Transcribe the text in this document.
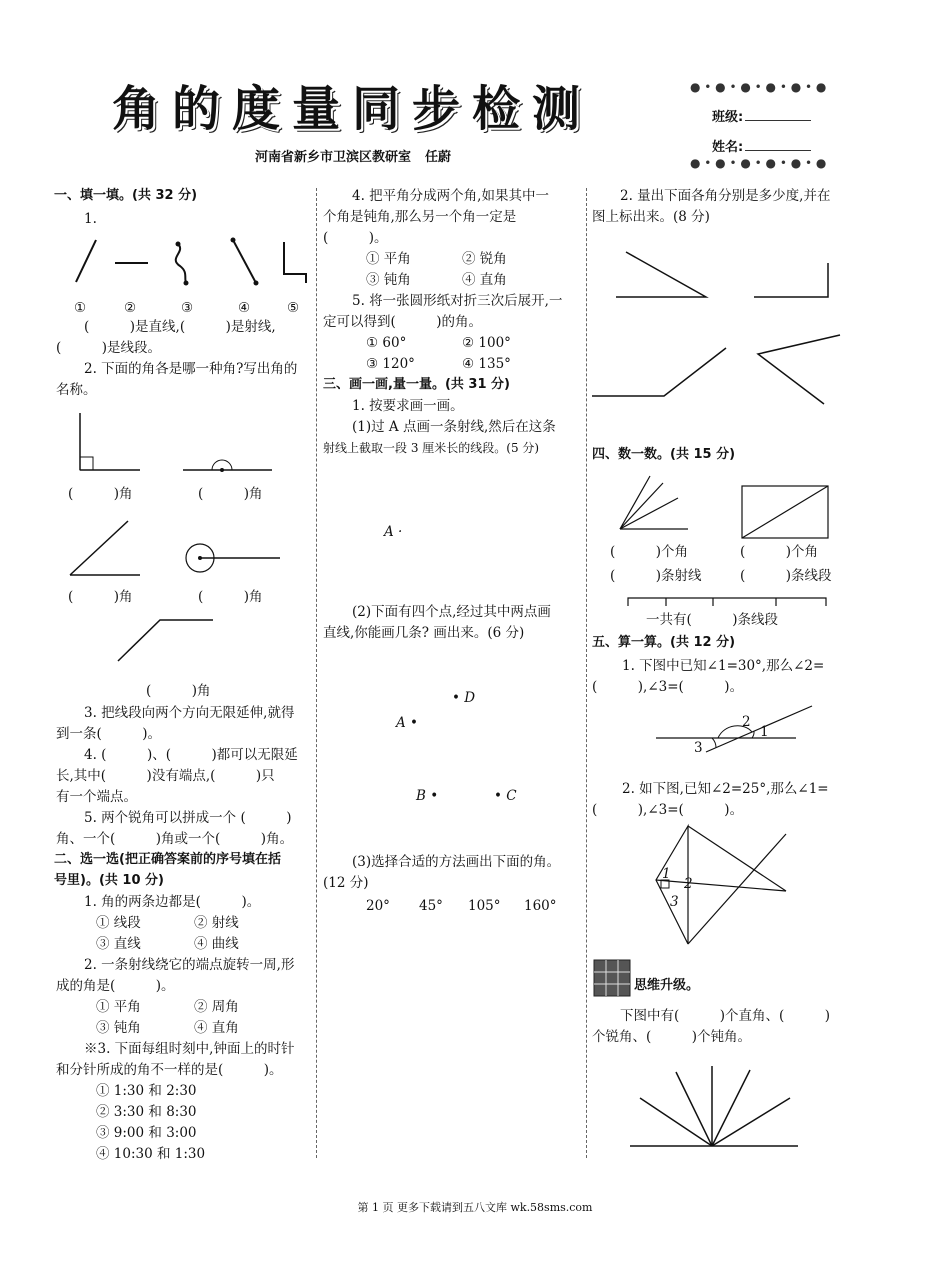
角的度量同步检测
河南省新乡市卫滨区教研室 任蔚
● • ● • ● • ● • ● • ●
● • ● • ● • ● • ● • ●
班级:
姓名:
一、填一填。(共 32 分)
1.
①	②	③	④	⑤
(　　　)是直线,(　　　)是射线,
(　　　)是线段。
2. 下面的角各是哪一种角?写出角的
名称。
(　　　)角	(　　　)角
(　　　)角	(　　　)角
(　　　)角
3. 把线段向两个方向无限延伸,就得
到一条(　　　)。
4. (　　　)、(　　　)都可以无限延
长,其中(　　　)没有端点,(　　　)只
有一个端点。
5. 两个锐角可以拼成一个 (　　　)
角、一个(　　　)角或一个(　　　)角。
二、选一选(把正确答案前的序号填在括
号里)。(共 10 分)
1. 角的两条边都是(　　　)。
① 线段	② 射线
③ 直线	④ 曲线
2. 一条射线绕它的端点旋转一周,形
成的角是(　　　)。
① 平角	② 周角
③ 钝角	④ 直角
※3. 下面每组时刻中,钟面上的时针
和分针所成的角不一样的是(　　　)。
① 1:30 和 2:30
② 3:30 和 8:30
③ 9:00 和 3:00
④ 10:30 和 1:30
4. 把平角分成两个角,如果其中一
个角是钝角,那么另一个角一定是
(　　　)。
① 平角	② 锐角
③ 钝角	④ 直角
5. 将一张圆形纸对折三次后展开,一
定可以得到(　　　)的角。
① 60°	② 100°
③ 120°	④ 135°
三、画一画,量一量。(共 31 分)
1. 按要求画一画。
(1)过 A 点画一条射线,然后在这条
射线上截取一段 3 厘米长的线段。(5 分)
A ·
(2)下面有四个点,经过其中两点画
直线,你能画几条? 画出来。(6 分)
• D
A •
B •	• C
(3)选择合适的方法画出下面的角。
(12 分)
20° 45° 105° 160°
2. 量出下面各角分别是多少度,并在
图上标出来。(8 分)
四、数一数。(共 15 分)
(　　　)个角	(　　　)个角
(　　　)条射线	(　　　)条线段
一共有(　　　)条线段
五、算一算。(共 12 分)
1. 下图中已知∠1=30°,那么∠2=
(　　　),∠3=(　　　)。
2
1
3
2. 如下图,已知∠2=25°,那么∠1=
(　　　),∠3=(　　　)。
1
2
3
思维升级。
下图中有(　　　)个直角、(　　　)
个锐角、(　　　)个钝角。
第 1 页 更多下载请到五八文库 wk.58sms.com
